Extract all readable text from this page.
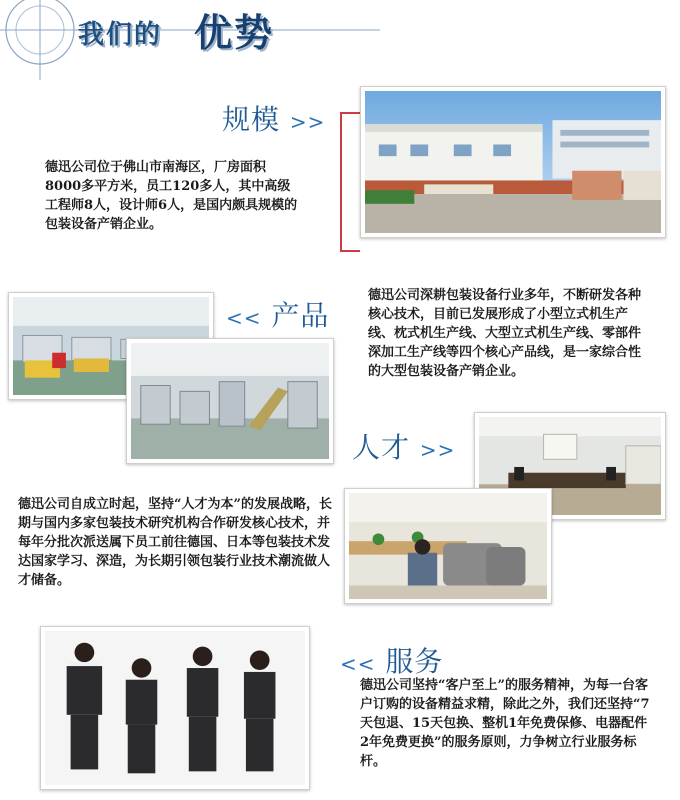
我们的 优势
规模 >>
德迅公司位于佛山市南海区，厂房面积8000多平方米，员工120多人，其中高级工程师8人，设计师6人，是国内颇具规模的包装设备产销企业。
<< 产品
德迅公司深耕包装设备行业多年，不断研发各种核心技术，目前已发展形成了小型立式机生产线、枕式机生产线、大型立式机生产线、零部件深加工生产线等四个核心产品线，是一家综合性的大型包装设备产销企业。
人才 >>
德迅公司自成立时起，坚持“人才为本”的发展战略，长期与国内多家包装技术研究机构合作研发核心技术，并每年分批次派送属下员工前往德国、日本等包装技术发达国家学习、深造，为长期引领包装行业技术潮流做人才储备。
<< 服务
德迅公司坚持“客户至上”的服务精神，为每一台客户订购的设备精益求精，除此之外，我们还坚持“7天包退、15天包换、整机1年免费保修、电器配件2年免费更换”的服务原则，力争树立行业服务标杆。
